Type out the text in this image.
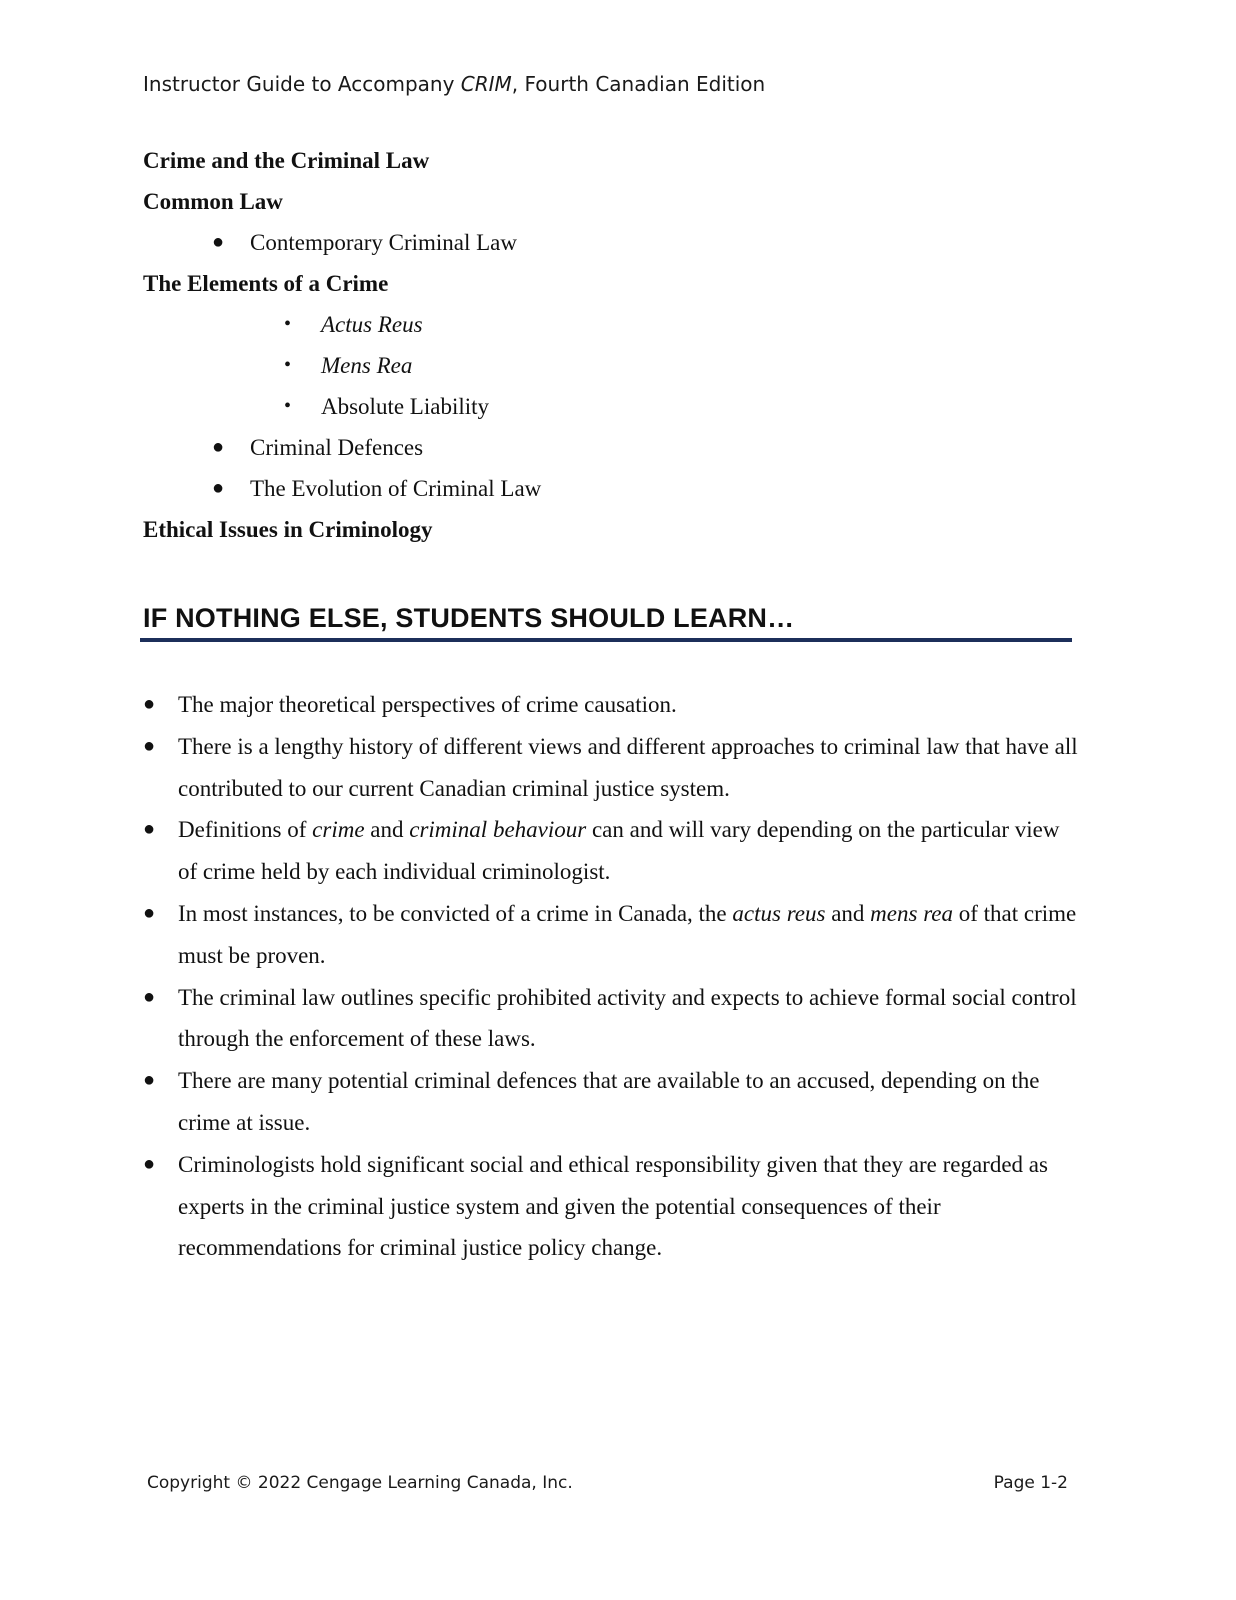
Instructor Guide to Accompany CRIM, Fourth Canadian Edition
Crime and the Criminal Law
Common Law
● Contemporary Criminal Law
The Elements of a Crime
• Actus Reus
• Mens Rea
• Absolute Liability
● Criminal Defences
● The Evolution of Criminal Law
Ethical Issues in Criminology
IF NOTHING ELSE, STUDENTS SHOULD LEARN…
● The major theoretical perspectives of crime causation.
● There is a lengthy history of different views and different approaches to criminal law that have all contributed to our current Canadian criminal justice system.
● Definitions of crime and criminal behaviour can and will vary depending on the particular view of crime held by each individual criminologist.
● In most instances, to be convicted of a crime in Canada, the actus reus and mens rea of that crime must be proven.
● The criminal law outlines specific prohibited activity and expects to achieve formal social control through the enforcement of these laws.
● There are many potential criminal defences that are available to an accused, depending on the crime at issue.
● Criminologists hold significant social and ethical responsibility given that they are regarded as experts in the criminal justice system and given the potential consequences of their recommendations for criminal justice policy change.
Copyright © 2022 Cengage Learning Canada, Inc.	Page 1-2
